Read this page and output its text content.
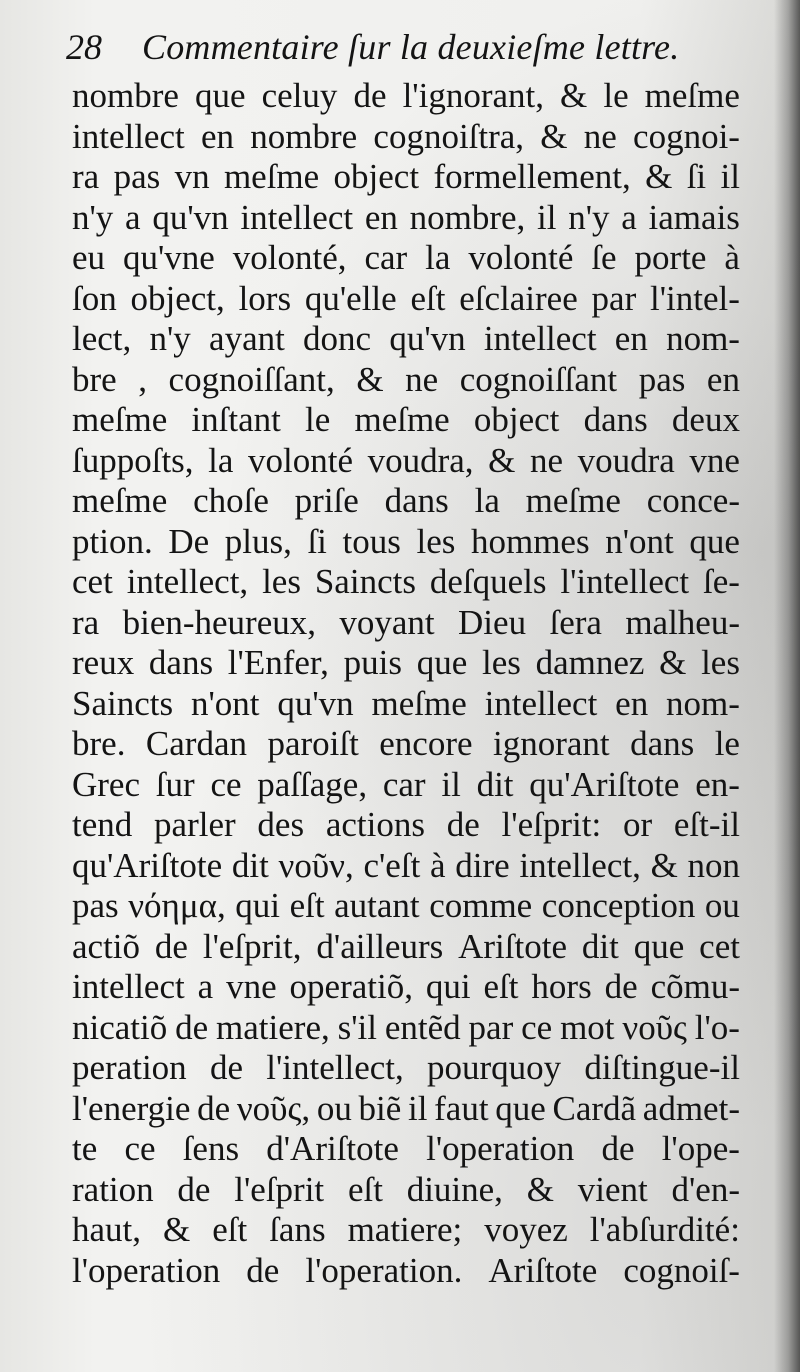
28 Commentaire ſur la deuxieſme lettre.
nombre que celuy de l'ignorant, & le meſme
intellect en nombre cognoiſtra, & ne cognoi-
ra pas vn meſme object formellement, & ſi il
n'y a qu'vn intellect en nombre, il n'y a iamais
eu qu'vne volonté, car la volonté ſe porte à
ſon object, lors qu'elle eſt eſclairee par l'intel-
lect, n'y ayant donc qu'vn intellect en nom-
bre , cognoiſſant, & ne cognoiſſant pas en
meſme inſtant le meſme object dans deux
ſuppoſts, la volonté voudra, & ne voudra vne
meſme choſe priſe dans la meſme conce-
ption. De plus, ſi tous les hommes n'ont que
cet intellect, les Saincts deſquels l'intellect ſe-
ra bien-heureux, voyant Dieu ſera malheu-
reux dans l'Enfer, puis que les damnez & les
Saincts n'ont qu'vn meſme intellect en nom-
bre. Cardan paroiſt encore ignorant dans le
Grec ſur ce paſſage, car il dit qu'Ariſtote en-
tend parler des actions de l'eſprit: or eſt-il
qu'Ariſtote dit νοῦν, c'eſt à dire intellect, & non
pas νόημα, qui eſt autant comme conception ou
actiõ de l'eſprit, d'ailleurs Ariſtote dit que cet
intellect a vne operatiõ, qui eſt hors de cõmu-
nicatiõ de matiere, s'il entẽd par ce mot νοῦς l'o-
peration de l'intellect, pourquoy diſtingue-il
l'energie de νοῦς, ou biẽ il faut que Cardã admet-
te ce ſens d'Ariſtote l'operation de l'ope-
ration de l'eſprit eſt diuine, & vient d'en-
haut, & eſt ſans matiere; voyez l'abſurdité:
l'operation de l'operation. Ariſtote cognoiſ-
